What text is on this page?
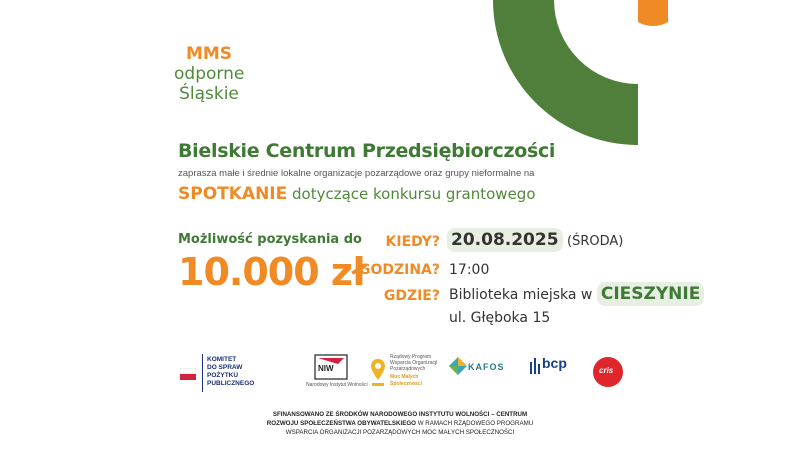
MMS
odporne
Śląskie
Bielskie Centrum Przedsiębiorczości
zaprasza małe i średnie lokalne organizacje pozarządowe oraz grupy nieformalne na
SPOTKANIE dotyczące konkursu grantowego
Możliwość pozyskania do
10.000 zł
KIEDY? 20.08.2025 (ŚRODA)
GODZINA? 17:00
GDZIE? Biblioteka miejska w CIESZYNIE
ul. Głęboka 15
KOMITET
DO SPRAW
POŻYTKU
PUBLICZNEGO
NIW
Narodowy Instytut Wolności
Rządowy Program
Wsparcia Organizacji
Pozarządowych
Moc Małych
Społeczności
KAFOS	bcp	cris
SFINANSOWANO ZE ŚRODKÓW NARODOWEGO INSTYTUTU WOLNOŚCI – CENTRUM
ROZWOJU SPOŁECZEŃSTWA OBYWATELSKIEGO W RAMACH RZĄDOWEGO PROGRAMU
WSPARCIA ORGANIZACJI POZARZĄDOWYCH MOC MAŁYCH SPOŁECZNOŚCI
